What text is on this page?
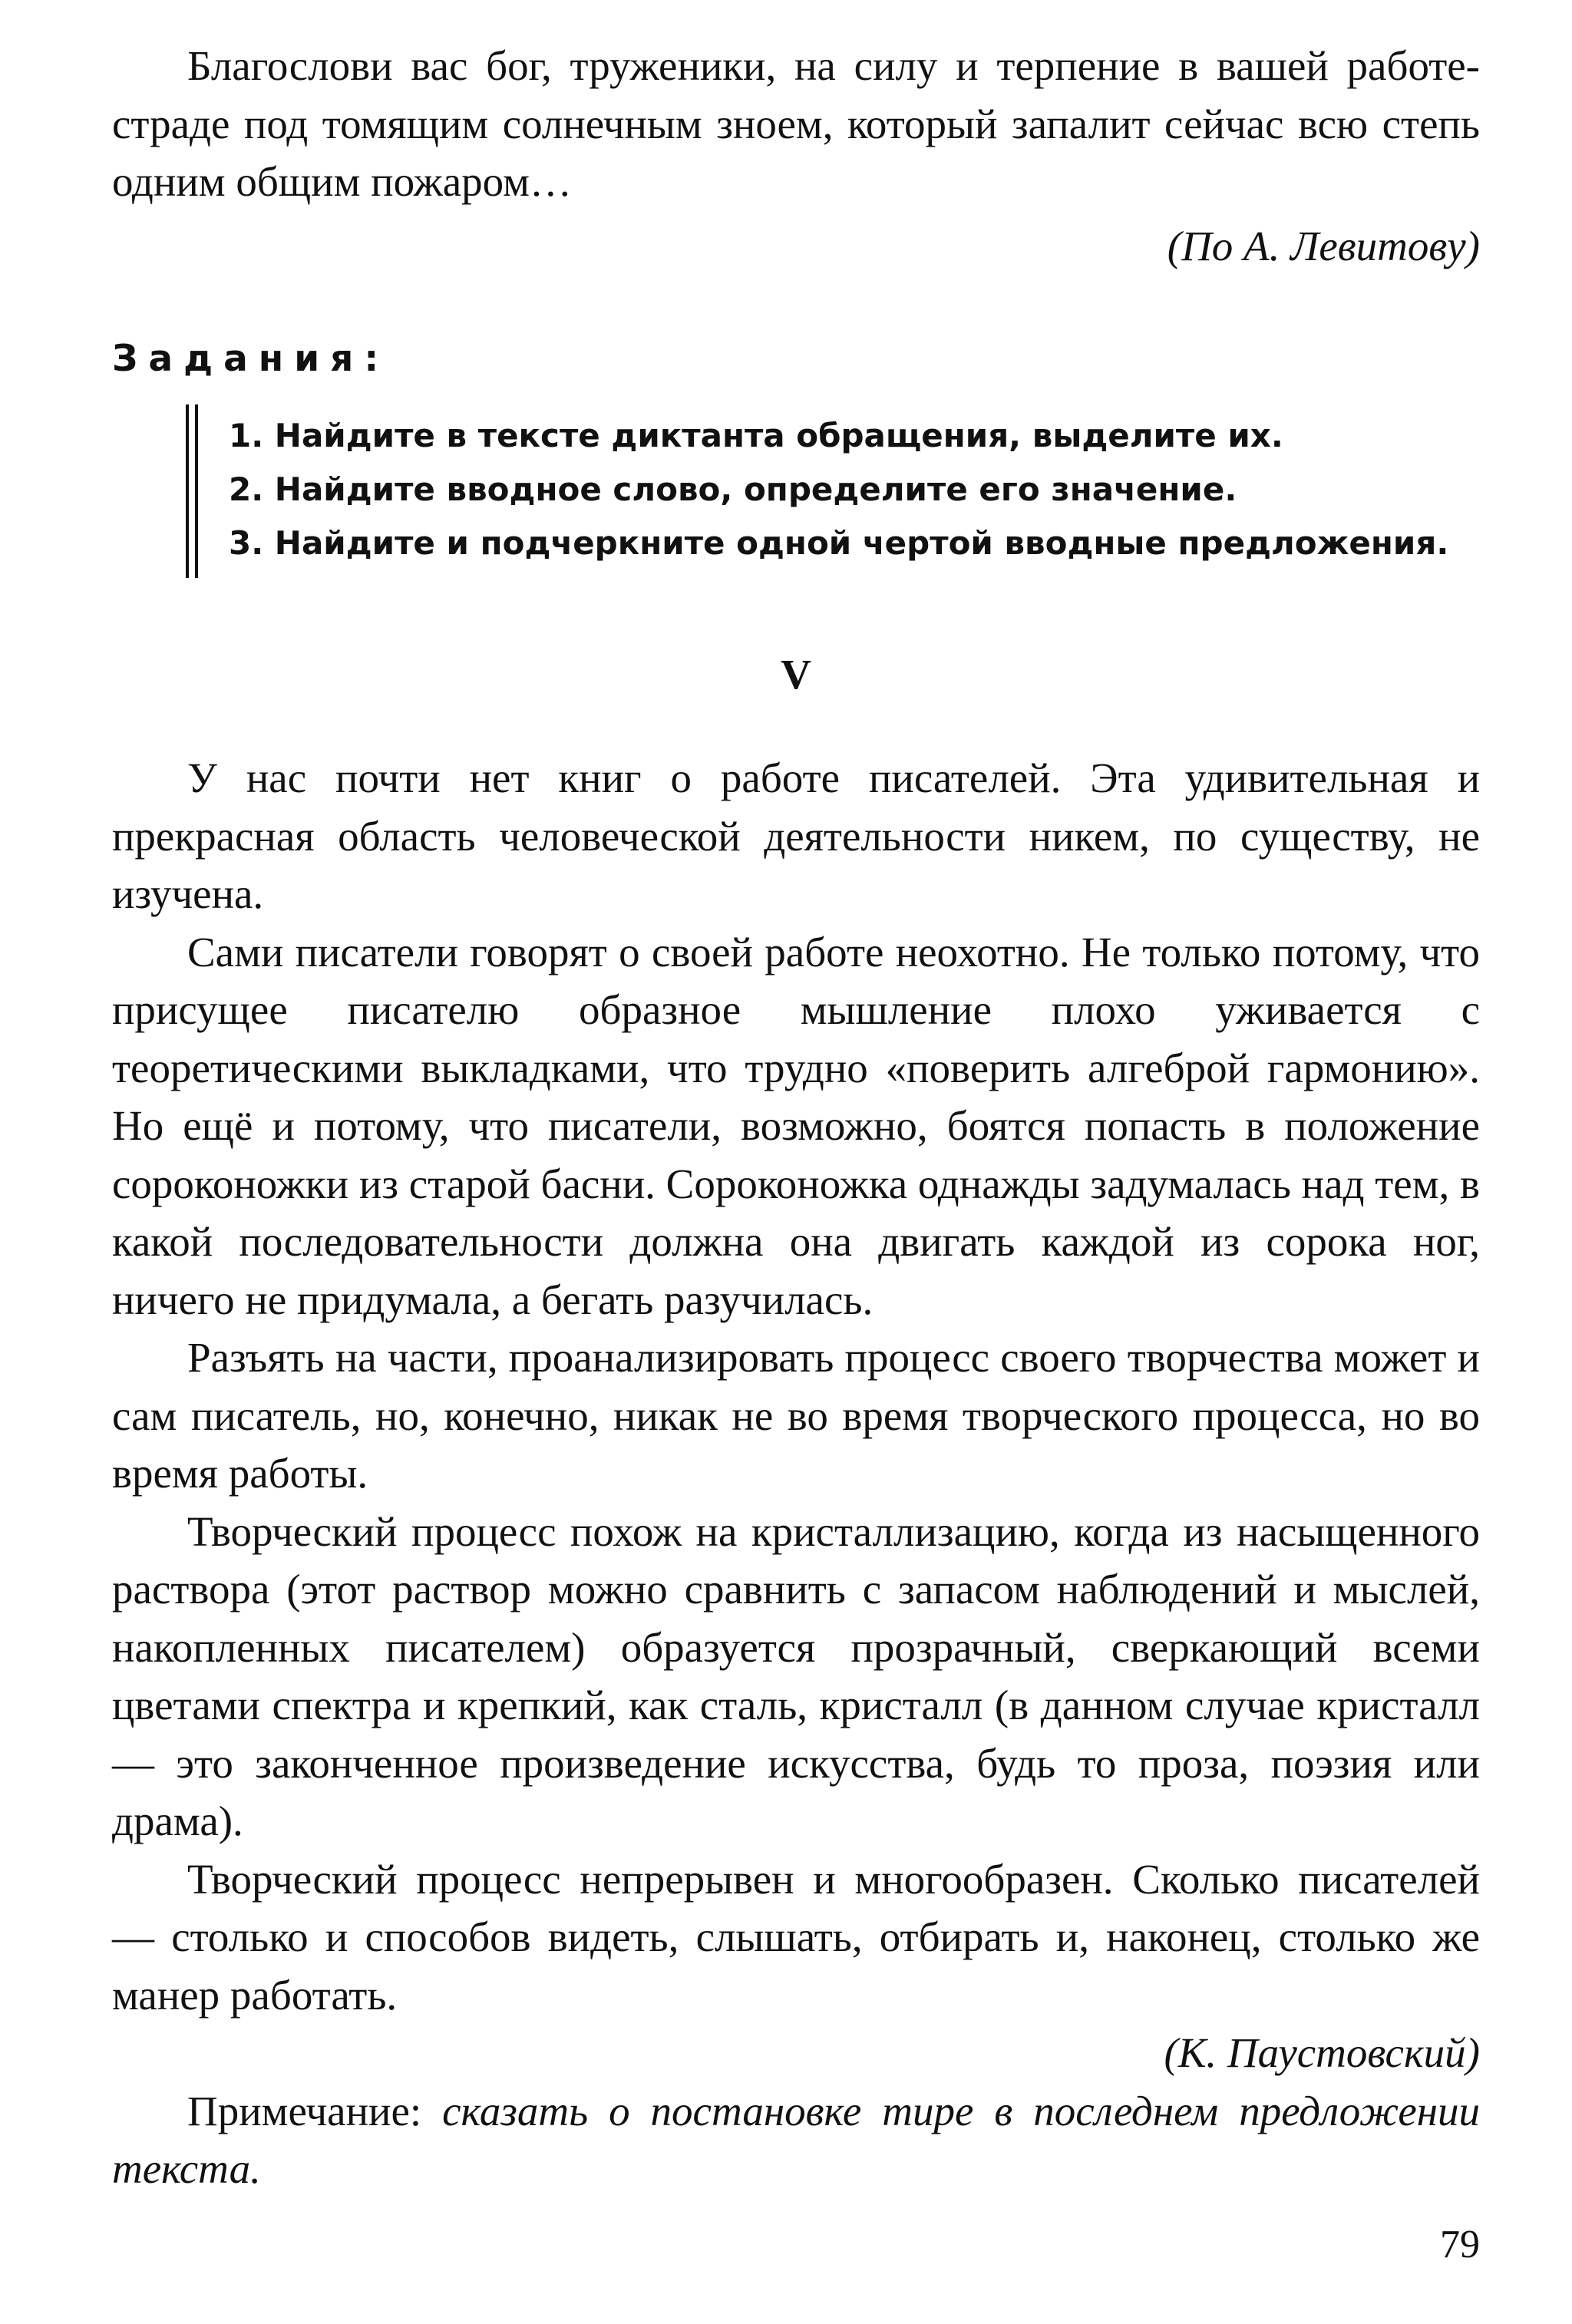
Благослови вас бог, труженики, на силу и терпение в вашей работе-страде под томящим солнечным зноем, который запалит сейчас всю степь одним общим пожаром…

(По А. Левитову)

Задания:
1. Найдите в тексте диктанта обращения, выделите их.
2. Найдите вводное слово, определите его значение.
3. Найдите и подчеркните одной чертой вводные предложения.
V

У нас почти нет книг о работе писателей. Эта удивительная и прекрасная область человеческой деятельности никем, по существу, не изучена.

Сами писатели говорят о своей работе неохотно. Не только потому, что присущее писателю образное мышление плохо уживается с теоретическими выкладками, что трудно «поверить алгеброй гармонию». Но ещё и потому, что писатели, возможно, боятся попасть в положение сороконожки из старой басни. Сороконожка однажды задумалась над тем, в какой последовательности должна она двигать каждой из сорока ног, ничего не придумала, а бегать разучилась.

Разъять на части, проанализировать процесс своего творчества может и сам писатель, но, конечно, никак не во время творческого процесса, но во время работы.

Творческий процесс похож на кристаллизацию, когда из насыщенного раствора (этот раствор можно сравнить с запасом наблюдений и мыслей, накопленных писателем) образуется прозрачный, сверкающий всеми цветами спектра и крепкий, как сталь, кристалл (в данном случае кристалл — это законченное произведение искусства, будь то проза, поэзия или драма).

Творческий процесс непрерывен и многообразен. Сколько писателей — столько и способов видеть, слышать, отбирать и, наконец, столько же манер работать.

(К. Паустовский)

Примечание: сказать о постановке тире в последнем предложении текста.

79
